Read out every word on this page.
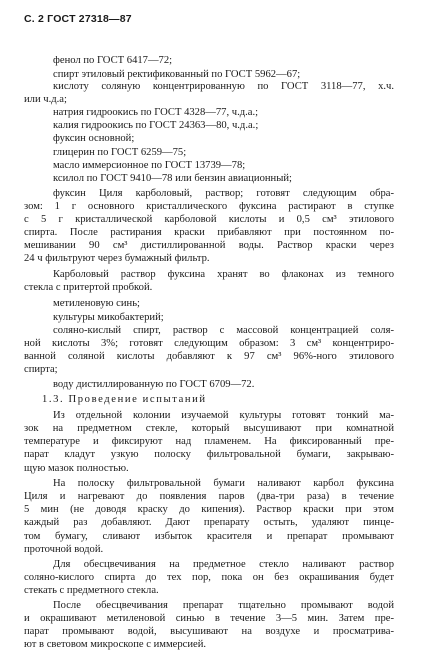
С. 2 ГОСТ 27318—87
фенол по ГОСТ 6417—72;
спирт этиловый ректификованный по ГОСТ 5962—67;
кислоту соляную концентрированную по ГОСТ 3118—77, х.ч.
или ч.д.а;
натрия гидроокись по ГОСТ 4328—77, ч.д.а.;
калия гидроокись по ГОСТ 24363—80, ч.д.а.;
фуксин основной;
глицерин по ГОСТ 6259—75;
масло иммерсионное по ГОСТ 13739—78;
ксилол по ГОСТ 9410—78 или бензин авиационный;
фуксин Циля карболовый, раствор; готовят следующим обра-
зом: 1 г основного кристаллического фуксина растирают в ступке
с 5 г кристаллической карболовой кислоты и 0,5 см³ этилового
спирта. После растирания краски прибавляют при постоянном по-
мешивании 90 см³ дистиллированной воды. Раствор краски через
24 ч фильтруют через бумажный фильтр.
Карболовый раствор фуксина хранят во флаконах из темного
стекла с притертой пробкой.
метиленовую синь;
культуры микобактерий;
соляно-кислый спирт, раствор с массовой концентрацией соля-
ной кислоты 3%; готовят следующим образом: 3 см³ концентриро-
ванной соляной кислоты добавляют к 97 см³ 96%-ного этилового
спирта;
воду дистиллированную по ГОСТ 6709—72.
1.3. Проведение испытаний
Из отдельной колонии изучаемой культуры готовят тонкий ма-
зок на предметном стекле, который высушивают при комнатной
температуре и фиксируют над пламенем. На фиксированный пре-
парат кладут узкую полоску фильтровальной бумаги, закрываю-
щую мазок полностью.
На полоску фильтровальной бумаги наливают карбол фуксина
Циля и нагревают до появления паров (два-три раза) в течение
5 мин (не доводя краску до кипения). Раствор краски при этом
каждый раз добавляют. Дают препарату остыть, удаляют пинце-
том бумагу, сливают избыток красителя и препарат промывают
проточной водой.
Для обесцвечивания на предметное стекло наливают раствор
солянo-кислого спирта до тех пор, пока он без окрашивания будет
стекать с предметного стекла.
После обесцвечивания препарат тщательно промывают водой
и окрашивают метиленовой синью в течение 3—5 мин. Затем пре-
парат промывают водой, высушивают на воздухе и просматрива-
ют в световом микроскопе с иммерсией.
